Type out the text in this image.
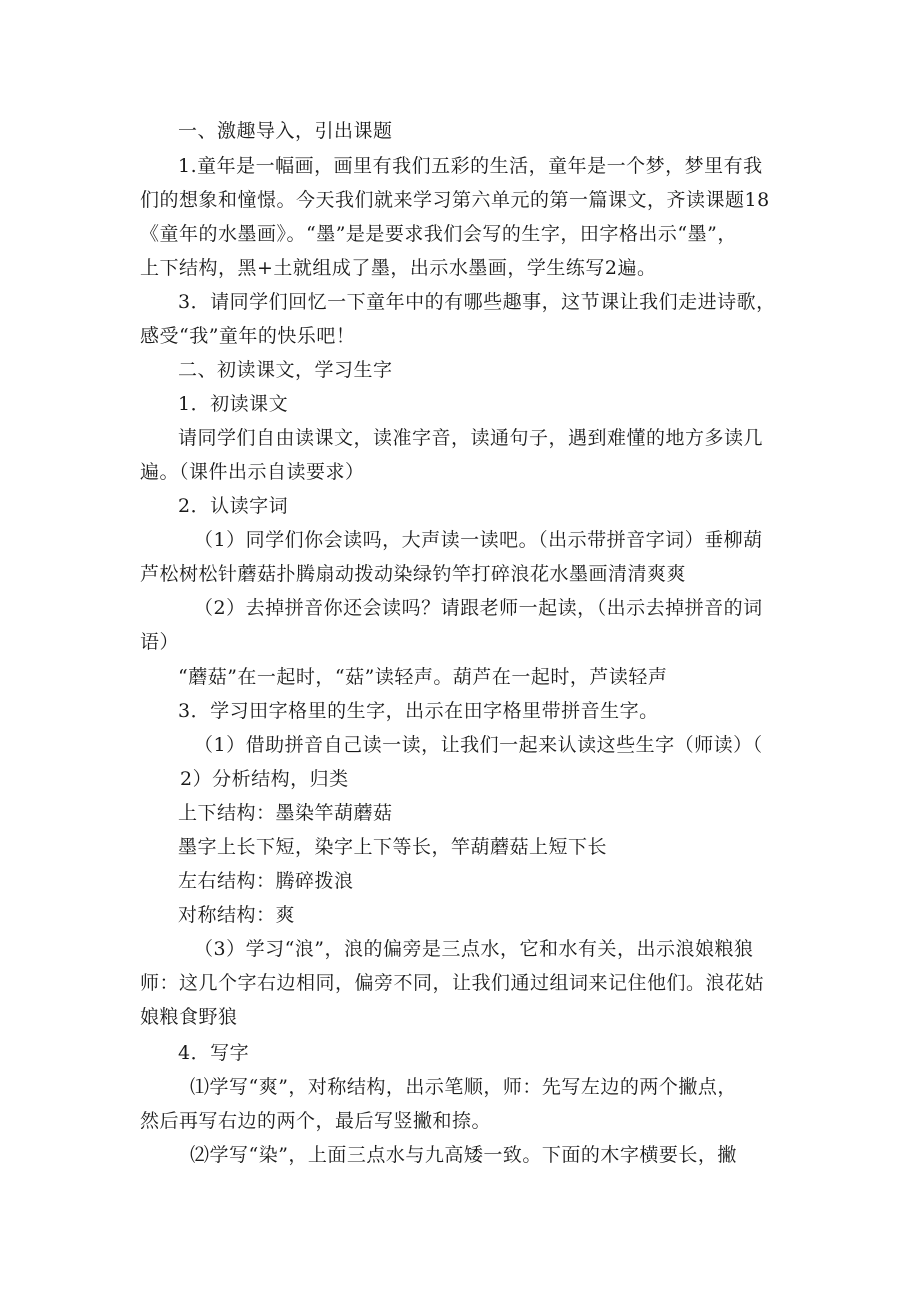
一、激趣导入，引出课题
1.童年是一幅画，画里有我们五彩的生活，童年是一个梦，梦里有我
们的想象和憧憬。今天我们就来学习第六单元的第一篇课文，齐读课题18
《童年的水墨画》。“墨”是是要求我们会写的生字，田字格出示“墨”，
上下结构，黑+土就组成了墨，出示水墨画，学生练写2遍。
3．请同学们回忆一下童年中的有哪些趣事，这节课让我们走进诗歌，
感受“我”童年的快乐吧！
二、初读课文，学习生字
1．初读课文
请同学们自由读课文，读准字音，读通句子，遇到难懂的地方多读几
遍。（课件出示自读要求）
2．认读字词
（1）同学们你会读吗，大声读一读吧。（出示带拼音字词）垂柳葫
芦松树松针蘑菇扑腾扇动拨动染绿钓竿打碎浪花水墨画清清爽爽
（2）去掉拼音你还会读吗？请跟老师一起读，（出示去掉拼音的词
语）
“蘑菇”在一起时，“菇”读轻声。葫芦在一起时，芦读轻声
3．学习田字格里的生字，出示在田字格里带拼音生字。
（1）借助拼音自己读一读，让我们一起来认读这些生字（师读）（
2）分析结构，归类
上下结构：墨染竿葫蘑菇
墨字上长下短，染字上下等长，竿葫蘑菇上短下长
左右结构：腾碎拨浪
对称结构：爽
（3）学习“浪”，浪的偏旁是三点水，它和水有关，出示浪娘粮狼
师：这几个字右边相同，偏旁不同，让我们通过组词来记住他们。浪花姑
娘粮食野狼
4．写字
⑴学写“爽”，对称结构，出示笔顺，师：先写左边的两个撇点，
然后再写右边的两个，最后写竖撇和捺。
⑵学写“染”，上面三点水与九高矮一致。下面的木字横要长，撇
